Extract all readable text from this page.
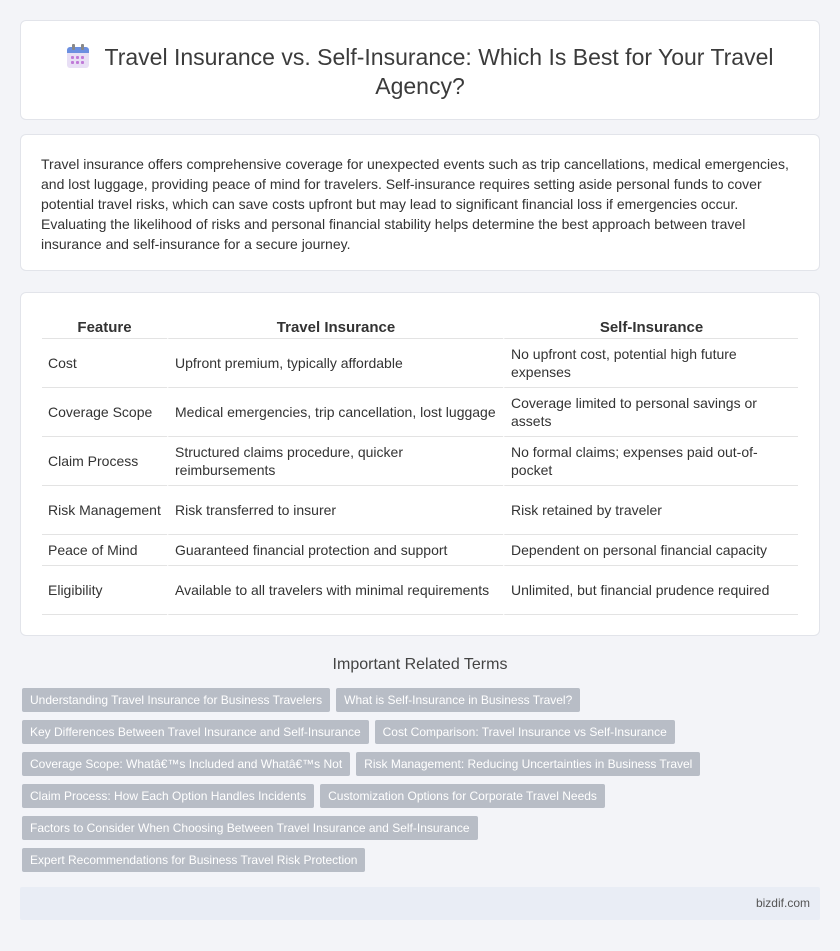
Travel Insurance vs. Self-Insurance: Which Is Best for Your Travel Agency?

Travel insurance offers comprehensive coverage for unexpected events such as trip cancellations, medical emergencies, and lost luggage, providing peace of mind for travelers. Self-insurance requires setting aside personal funds to cover potential travel risks, which can save costs upfront but may lead to significant financial loss if emergencies occur. Evaluating the likelihood of risks and personal financial stability helps determine the best approach between travel insurance and self-insurance for a secure journey.

Feature	Travel Insurance	Self-Insurance
Cost	Upfront premium, typically affordable	No upfront cost, potential high future expenses
Coverage Scope	Medical emergencies, trip cancellation, lost luggage	Coverage limited to personal savings or assets
Claim Process	Structured claims procedure, quicker reimbursements	No formal claims; expenses paid out-of-pocket
Risk Management	Risk transferred to insurer	Risk retained by traveler
Peace of Mind	Guaranteed financial protection and support	Dependent on personal financial capacity
Eligibility	Available to all travelers with minimal requirements	Unlimited, but financial prudence required
Important Related Terms
Understanding Travel Insurance for Business Travelers What is Self-Insurance in Business Travel?
Key Differences Between Travel Insurance and Self-Insurance Cost Comparison: Travel Insurance vs Self-Insurance
Coverage Scope: Whatâ€™s Included and Whatâ€™s Not Risk Management: Reducing Uncertainties in Business Travel
Claim Process: How Each Option Handles Incidents Customization Options for Corporate Travel Needs
Factors to Consider When Choosing Between Travel Insurance and Self-Insurance
Expert Recommendations for Business Travel Risk Protection
bizdif.com
